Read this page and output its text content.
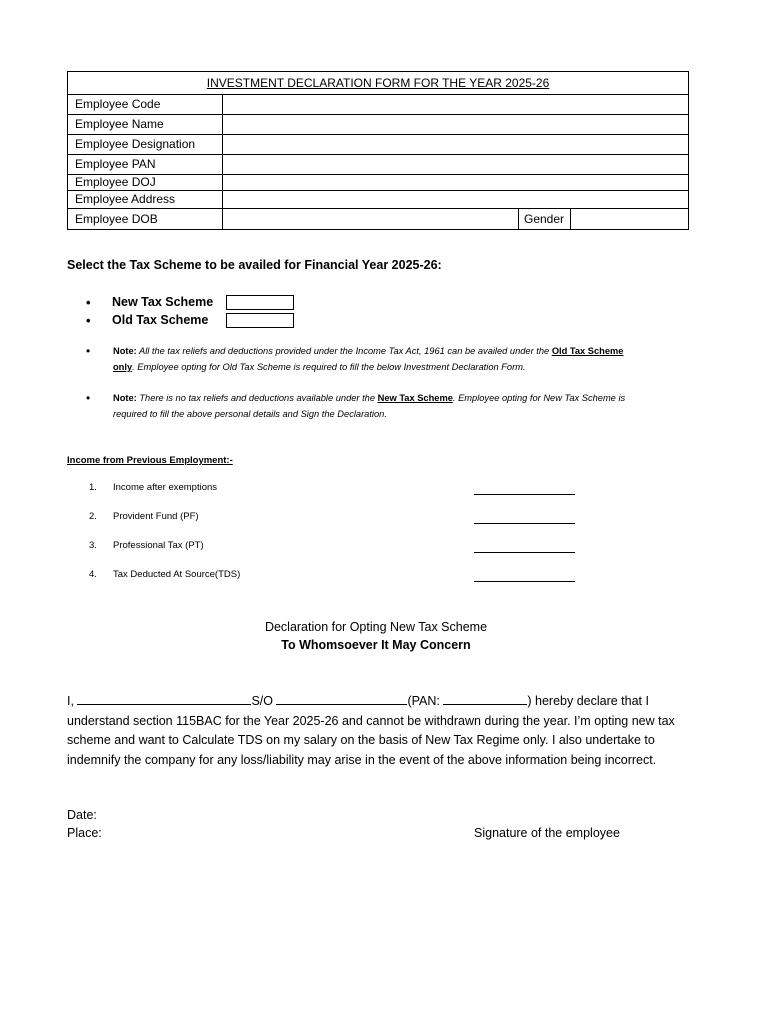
INVESTMENT DECLARATION FORM FOR THE YEAR 2025-26			
Employee Code			
Employee Name			
Employee Designation			
Employee PAN			
Employee DOJ			
Employee Address			
Employee DOB		Gender	
Select the Tax Scheme to be availed for Financial Year 2025-26:
•	New Tax Scheme
•	Old Tax Scheme
•	Note: All the tax reliefs and deductions provided under the Income Tax Act, 1961 can be availed under the Old Tax Scheme only. Employee opting for Old Tax Scheme is required to fill the below Investment Declaration Form.
•	Note: There is no tax reliefs and deductions available under the New Tax Scheme. Employee opting for New Tax Scheme is required to fill the above personal details and Sign the Declaration.
Income from Previous Employment:-
1. Income after exemptions
2. Provident Fund (PF)
3. Professional Tax (PT)
4. Tax Deducted At Source(TDS)
Declaration for Opting New Tax Scheme
To Whomsoever It May Concern
I,	S/O	(PAN:	) hereby declare that I understand section 115BAC for the Year 2025-26 and cannot be withdrawn during the year. I’m opting new tax scheme and want to Calculate TDS on my salary on the basis of New Tax Regime only. I also undertake to indemnify the company for any loss/liability may arise in the event of the above information being incorrect.
Date:
Place:	Signature of the employee
